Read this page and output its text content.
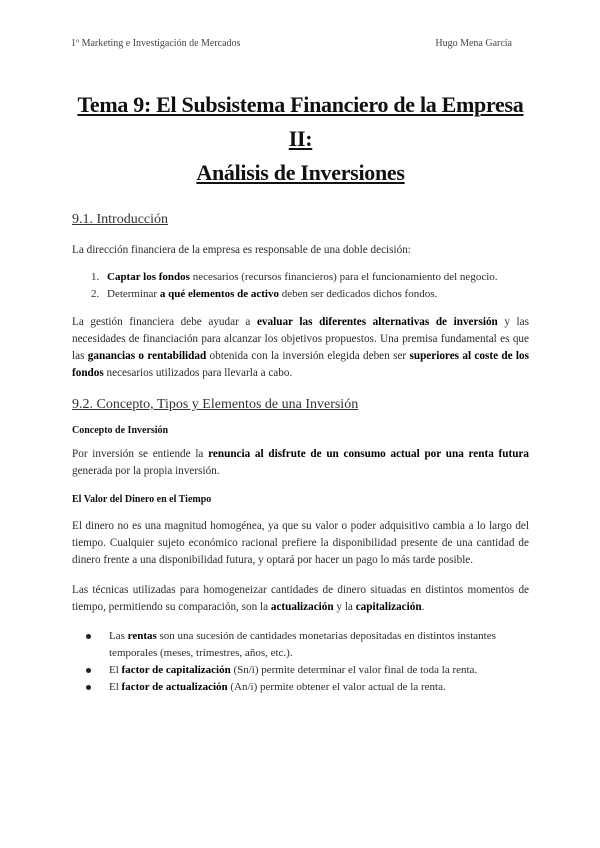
1º Marketing e Investigación de Mercados	Hugo Mena García
Tema 9: El Subsistema Financiero de la Empresa II:
Análisis de Inversiones
9.1. Introducción

La dirección financiera de la empresa es responsable de una doble decisión:

1. Captar los fondos necesarios (recursos financieros) para el funcionamiento del negocio.
2. Determinar a qué elementos de activo deben ser dedicados dichos fondos.

La gestión financiera debe ayudar a evaluar las diferentes alternativas de inversión y las necesidades de financiación para alcanzar los objetivos propuestos. Una premisa fundamental es que las ganancias o rentabilidad obtenida con la inversión elegida deben ser superiores al coste de los fondos necesarios utilizados para llevarla a cabo.

9.2. Concepto, Tipos y Elementos de una Inversión
Concepto de Inversión

Por inversión se entiende la renuncia al disfrute de un consumo actual por una renta futura generada por la propia inversión.

El Valor del Dinero en el Tiempo

El dinero no es una magnitud homogénea, ya que su valor o poder adquisitivo cambia a lo largo del tiempo. Cualquier sujeto económico racional prefiere la disponibilidad presente de una cantidad de dinero frente a una disponibilidad futura, y optará por hacer un pago lo más tarde posible.

Las técnicas utilizadas para homogeneizar cantidades de dinero situadas en distintos momentos de tiempo, permitiendo su comparación, son la actualización y la capitalización.

Las rentas son una sucesión de cantidades monetarias depositadas en distintos instantes temporales (meses, trimestres, años, etc.).
El factor de capitalización (Sn/i) permite determinar el valor final de toda la renta.
El factor de actualización (An/i) permite obtener el valor actual de la renta.
